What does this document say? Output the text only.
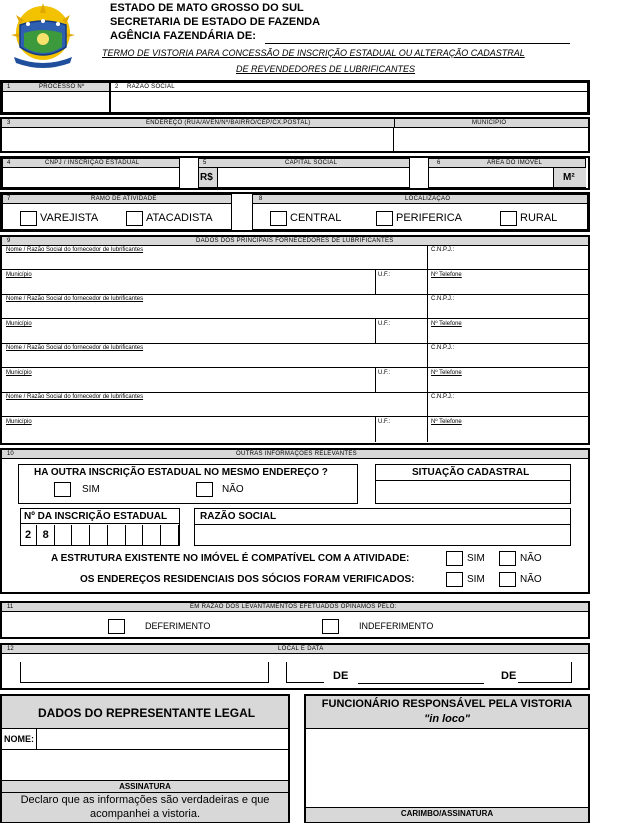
ESTADO DE MATO GROSSO DO SUL
SECRETARIA DE ESTADO DE FAZENDA
AGÊNCIA FAZENDÁRIA DE:
TERMO DE VISTORIA PARA CONCESSÃO DE INSCRIÇÃO ESTADUAL OU ALTERAÇÃO CADASTRAL
DE REVENDEDORES DE LUBRIFICANTES
1	PROCESSO Nº	2 RAZÃO SOCIAL
3	ENDEREÇO (RUA/AVEN/Nº/BAIRRO/CEP/CX.POSTAL)	MUNICÍPIO
4	CNPJ / INSCRIÇÃO ESTADUAL	5	CAPITAL SOCIAL
R$
6	ÁREA DO IMÓVEL
M²
7	RAMO DE ATIVIDADE
VAREJISTA	ATACADISTA
8	LOCALIZAÇÃO
CENTRAL	PERIFERICA	RURAL
9	DADOS DOS PRINCIPAIS FORNECEDORES DE LUBRIFICANTES
Nome / Razão Social do fornecedor de lubrificantes	C.N.P.J.:
Município	U.F.:	Nº Telefone
Nome / Razão Social do fornecedor de lubrificantes	C.N.P.J.:
Município	U.F.:	Nº Telefone
Nome / Razão Social do fornecedor de lubrificantes	C.N.P.J.:
Município	U.F.:	Nº Telefone
Nome / Razão Social do fornecedor de lubrificantes	C.N.P.J.:
Município	U.F.:	Nº Telefone
10	OUTRAS INFORMAÇÕES RELEVANTES
HA OUTRA INSCRIÇÃO ESTADUAL NO MESMO ENDEREÇO ?
SIM	NÃO
SITUAÇÃO CADASTRAL
Nº DA INSCRIÇÃO ESTADUAL
2	8
RAZÃO SOCIAL
A ESTRUTURA EXISTENTE NO IMÓVEL É COMPATÍVEL COM A ATIVIDADE:	SIM	NÃO
OS ENDEREÇOS RESIDENCIAIS DOS SÓCIOS FORAM VERIFICADOS:	SIM	NÃO
11	EM RAZÃO DOS LEVANTAMENTOS EFETUADOS OPINAMOS PELO:
DEFERIMENTO	INDEFERIMENTO
12	LOCAL E DATA
DE	DE
DADOS DO REPRESENTANTE LEGAL
NOME:
ASSINATURA
Declaro que as informações são verdadeiras e que acompanhei a vistoria.
FUNCIONÁRIO RESPONSÁVEL PELA VISTORIA
"in loco"
CARIMBO/ASSINATURA
